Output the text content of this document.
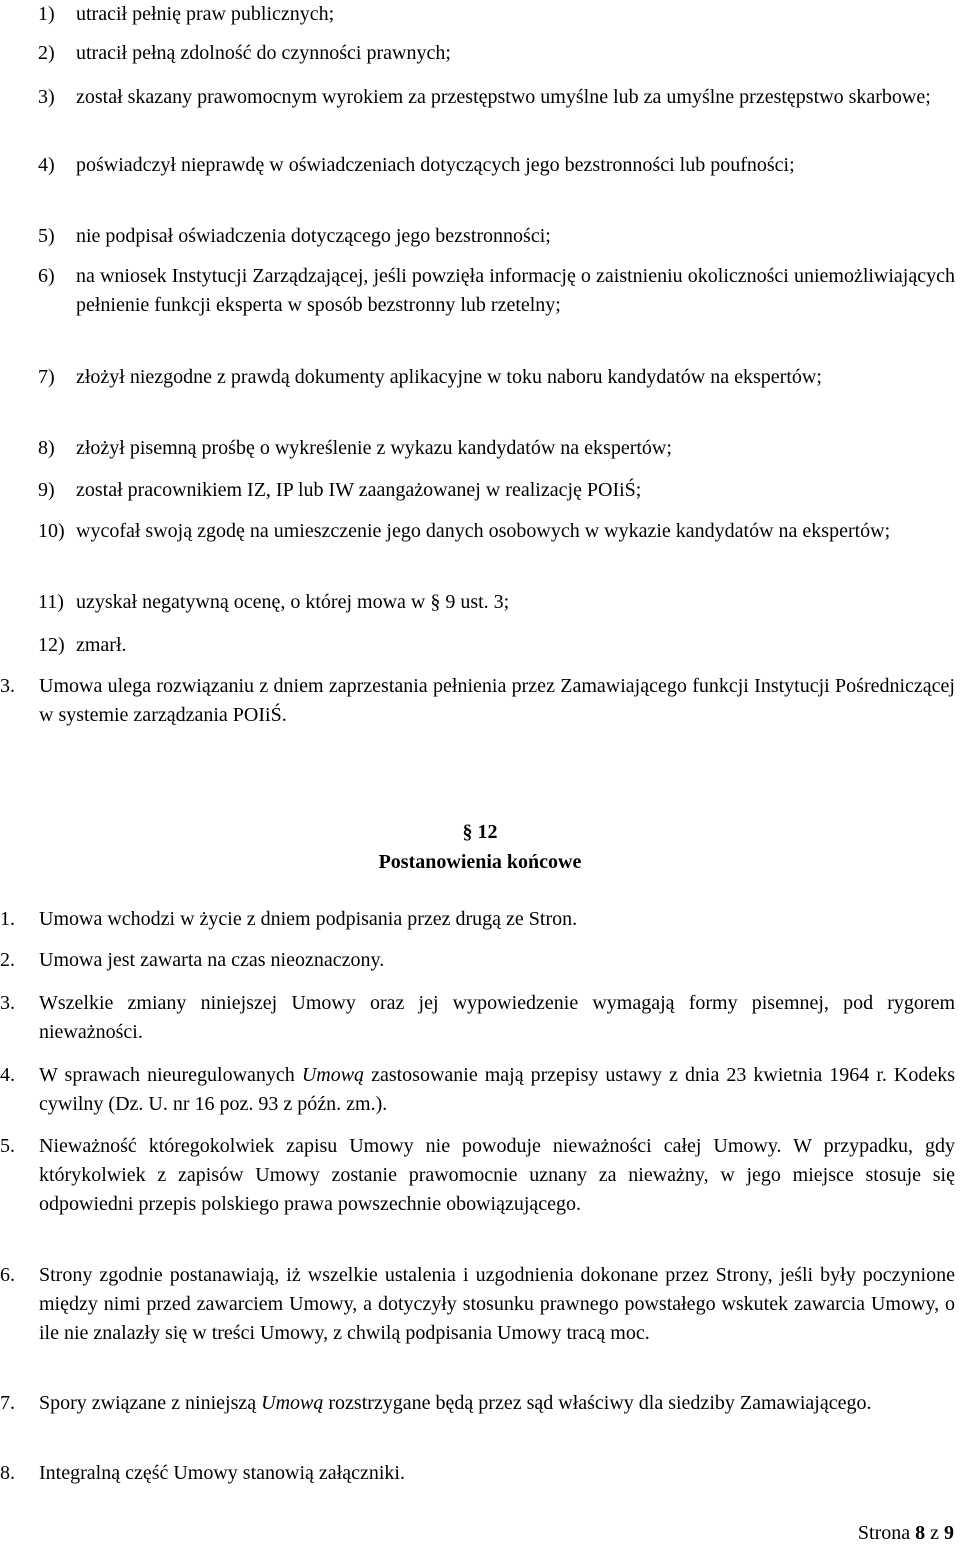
1) utracił pełnię praw publicznych;
2) utracił pełną zdolność do czynności prawnych;
3) został skazany prawomocnym wyrokiem za przestępstwo umyślne lub za umyślne przestępstwo skarbowe;
4) poświadczył nieprawdę w oświadczeniach dotyczących jego bezstronności lub poufności;
5) nie podpisał oświadczenia dotyczącego jego bezstronności;
6) na wniosek Instytucji Zarządzającej, jeśli powzięła informację o zaistnieniu okoliczności uniemożliwiających pełnienie funkcji eksperta w sposób bezstronny lub rzetelny;
7) złożył niezgodne z prawdą dokumenty aplikacyjne w toku naboru kandydatów na ekspertów;
8) złożył pisemną prośbę o wykreślenie z wykazu kandydatów na ekspertów;
9) został pracownikiem IZ, IP lub IW zaangażowanej w realizację POIiŚ;
10) wycofał swoją zgodę na umieszczenie jego danych osobowych w wykazie kandydatów na ekspertów;
11) uzyskał negatywną ocenę, o której mowa w § 9 ust. 3;
12) zmarł.
3. Umowa ulega rozwiązaniu z dniem zaprzestania pełnienia przez Zamawiającego funkcji Instytucji Pośredniczącej w systemie zarządzania POIiŚ.
§ 12
Postanowienia końcowe
1. Umowa wchodzi w życie z dniem podpisania przez drugą ze Stron.
2. Umowa jest zawarta na czas nieoznaczony.
3. Wszelkie zmiany niniejszej Umowy oraz jej wypowiedzenie wymagają formy pisemnej, pod rygorem nieważności.
4. W sprawach nieuregulowanych Umową zastosowanie mają przepisy ustawy z dnia 23 kwietnia 1964 r. Kodeks cywilny (Dz. U. nr 16 poz. 93 z późn. zm.).
5. Nieważność któregokolwiek zapisu Umowy nie powoduje nieważności całej Umowy. W przypadku, gdy którykolwiek z zapisów Umowy zostanie prawomocnie uznany za nieważny, w jego miejsce stosuje się odpowiedni przepis polskiego prawa powszechnie obowiązującego.
6. Strony zgodnie postanawiają, iż wszelkie ustalenia i uzgodnienia dokonane przez Strony, jeśli były poczynione między nimi przed zawarciem Umowy, a dotyczyły stosunku prawnego powstałego wskutek zawarcia Umowy, o ile nie znalazły się w treści Umowy, z chwilą podpisania Umowy tracą moc.
7. Spory związane z niniejszą Umową rozstrzygane będą przez sąd właściwy dla siedziby Zamawiającego.
8. Integralną część Umowy stanowią załączniki.
Strona 8 z 9
